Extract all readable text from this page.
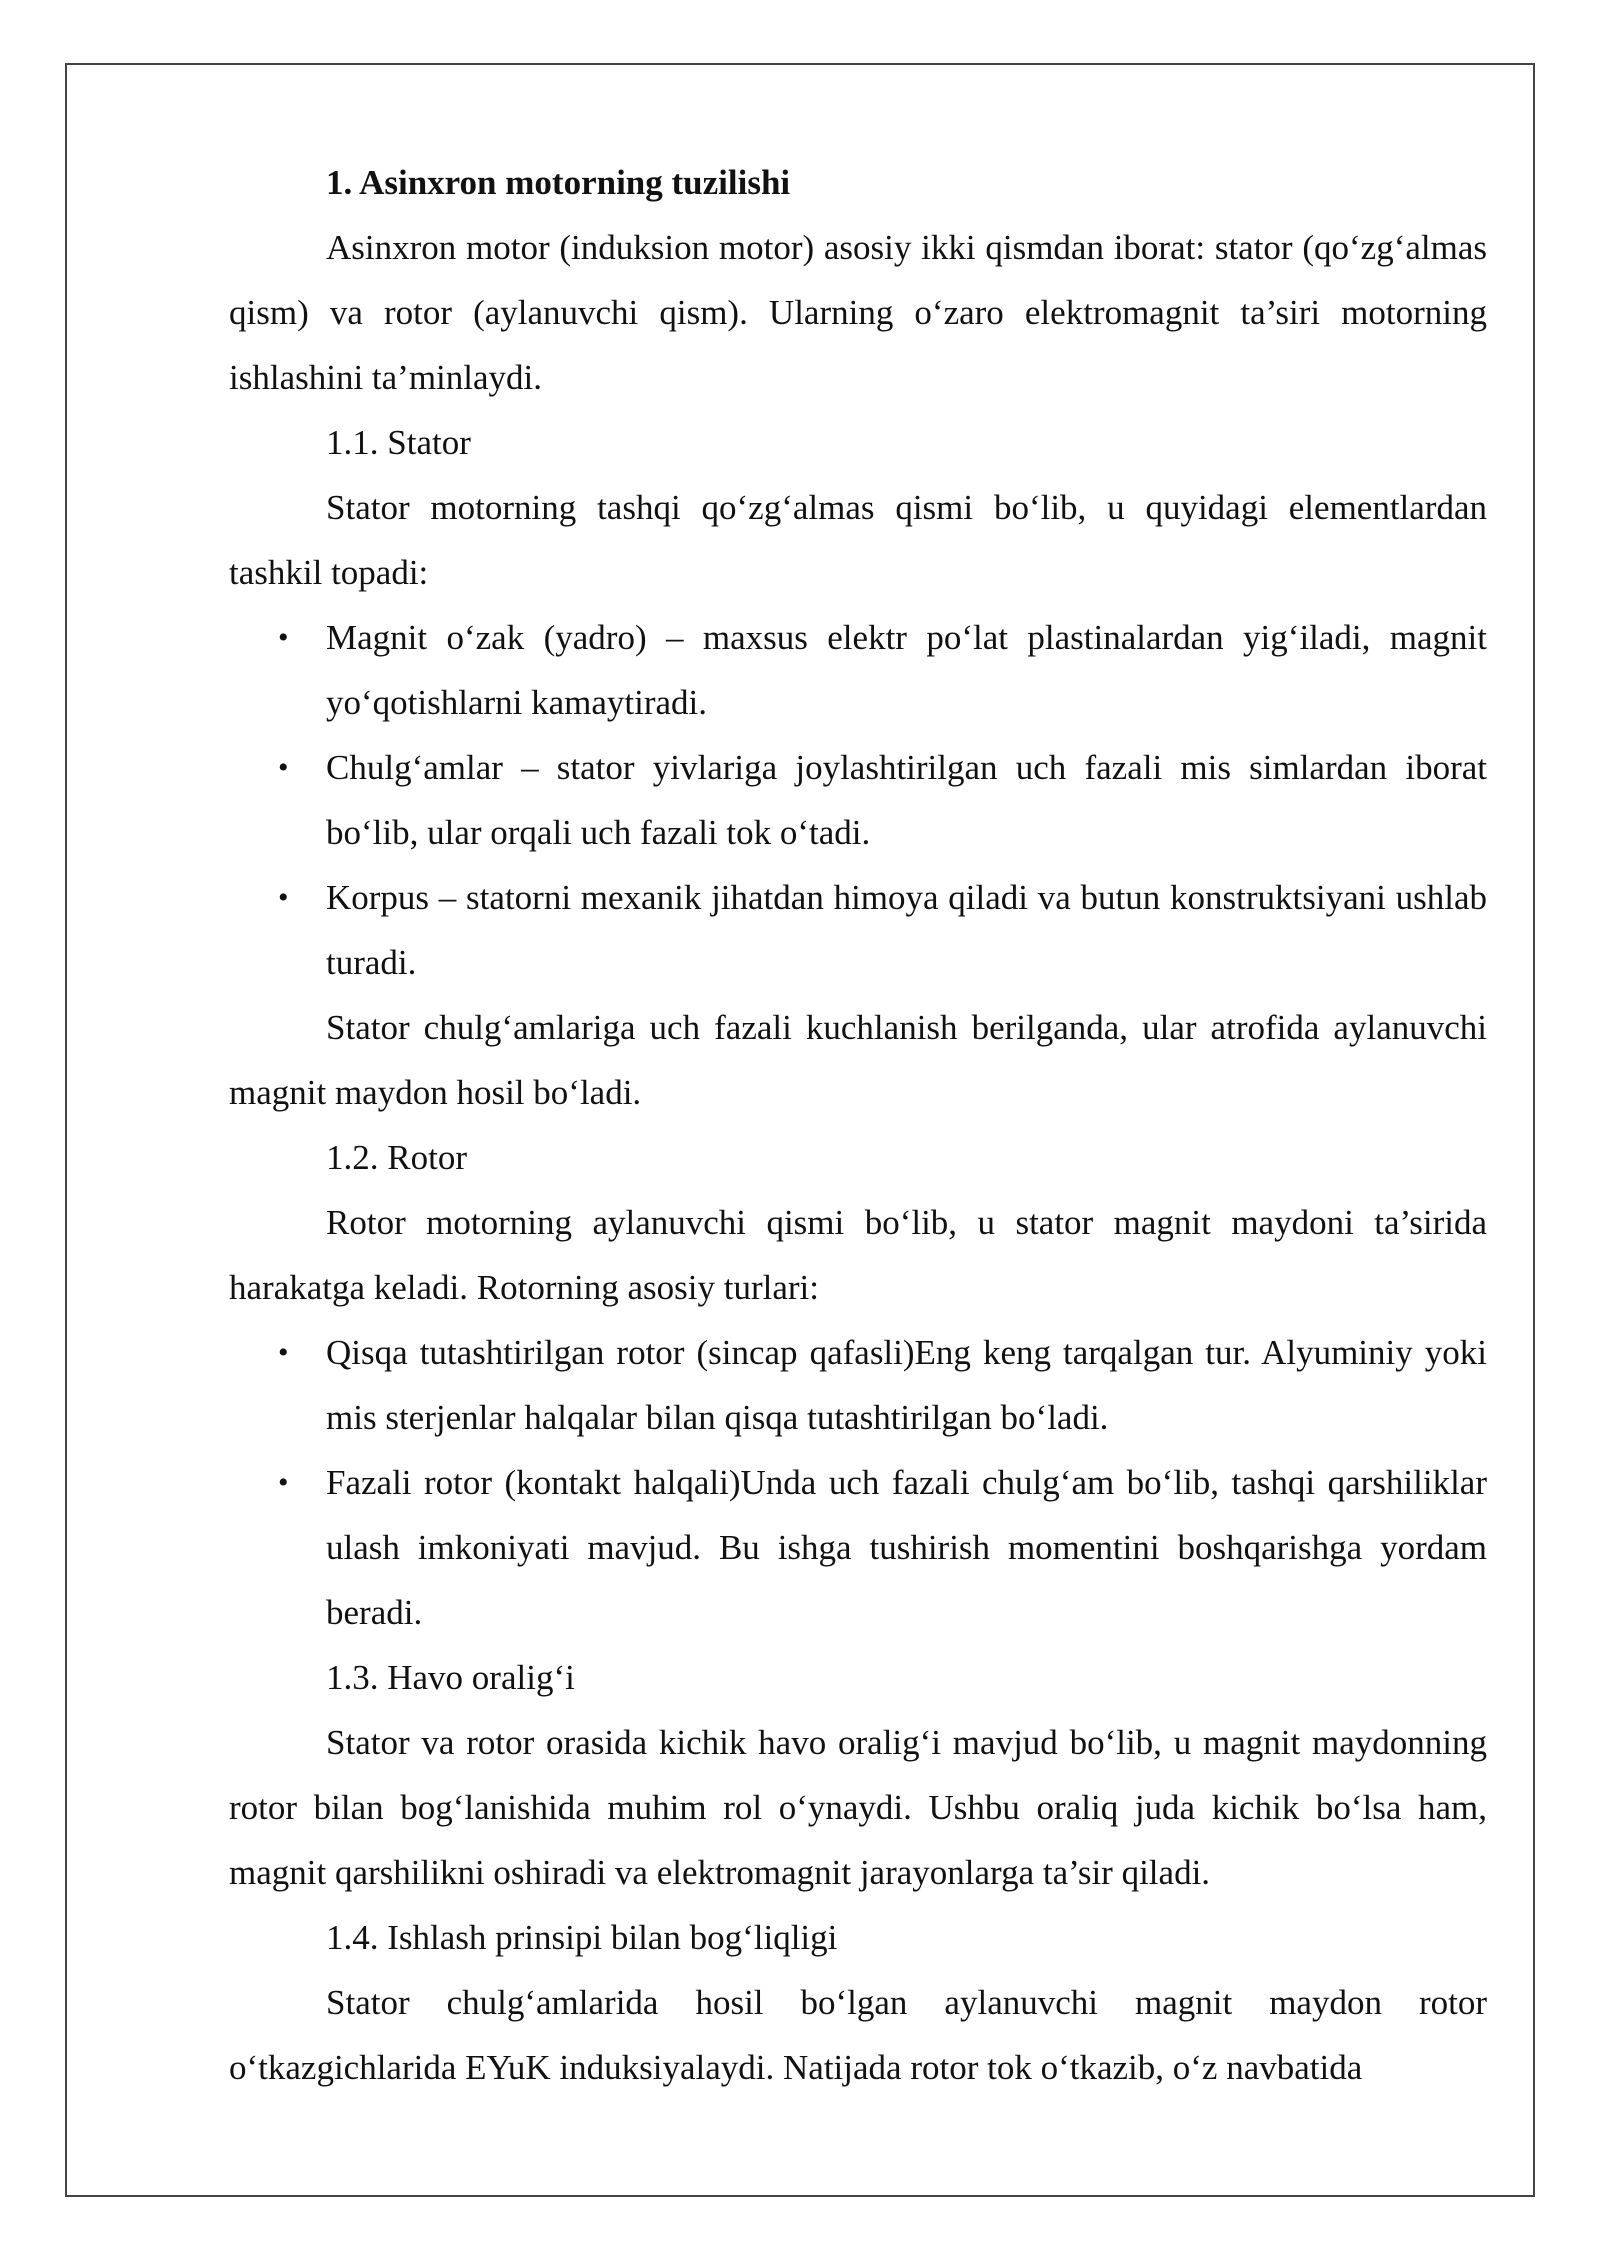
1. Asinxron motorning tuzilishi

Asinxron motor (induksion motor) asosiy ikki qismdan iborat: stator (qo‘zg‘almas qism) va rotor (aylanuvchi qism). Ularning o‘zaro elektromagnit ta’siri motorning ishlashini ta’minlaydi.

1.1. Stator

Stator motorning tashqi qo‘zg‘almas qismi bo‘lib, u quyidagi elementlardan tashkil topadi:

• Magnit o‘zak (yadro) – maxsus elektr po‘lat plastinalardan yig‘iladi, magnit yo‘qotishlarni kamaytiradi.
• Chulg‘amlar – stator yivlariga joylashtirilgan uch fazali mis simlardan iborat bo‘lib, ular orqali uch fazali tok o‘tadi.
• Korpus – statorni mexanik jihatdan himoya qiladi va butun konstruktsiyani ushlab turadi.

Stator chulg‘amlariga uch fazali kuchlanish berilganda, ular atrofida aylanuvchi magnit maydon hosil bo‘ladi.

1.2. Rotor

Rotor motorning aylanuvchi qismi bo‘lib, u stator magnit maydoni ta’sirida harakatga keladi. Rotorning asosiy turlari:

• Qisqa tutashtirilgan rotor (sincap qafasli)Eng keng tarqalgan tur. Alyuminiy yoki mis sterjenlar halqalar bilan qisqa tutashtirilgan bo‘ladi.
• Fazali rotor (kontakt halqali)Unda uch fazali chulg‘am bo‘lib, tashqi qarshiliklar ulash imkoniyati mavjud. Bu ishga tushirish momentini boshqarishga yordam beradi.

1.3. Havo oralig‘i

Stator va rotor orasida kichik havo oralig‘i mavjud bo‘lib, u magnit maydonning rotor bilan bog‘lanishida muhim rol o‘ynaydi. Ushbu oraliq juda kichik bo‘lsa ham, magnit qarshilikni oshiradi va elektromagnit jarayonlarga ta’sir qiladi.

1.4. Ishlash prinsipi bilan bog‘liqligi

Stator chulg‘amlarida hosil bo‘lgan aylanuvchi magnit maydon rotor o‘tkazgichlarida EYuK induksiyalaydi. Natijada rotor tok o‘tkazib, o‘z navbatida
